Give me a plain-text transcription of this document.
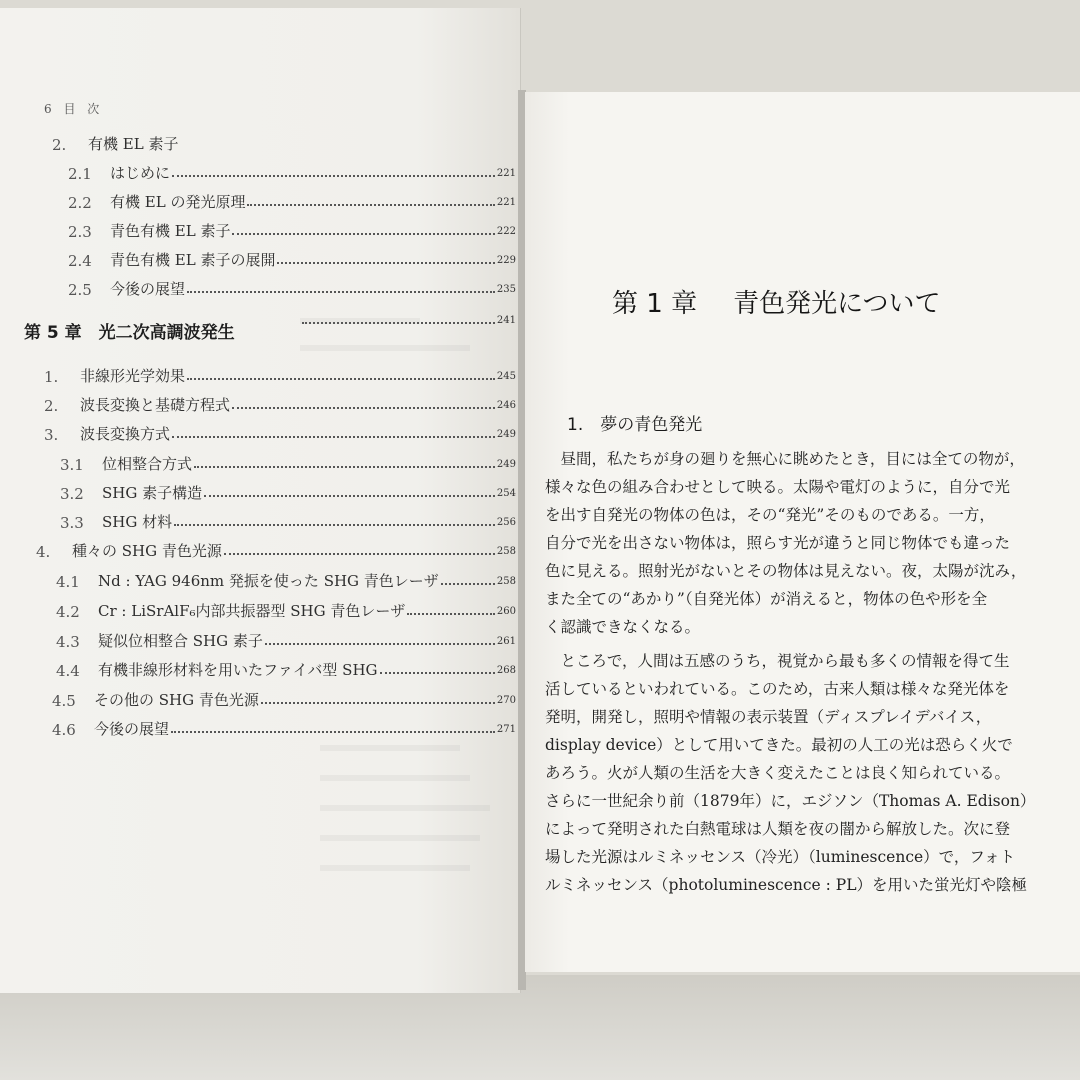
6 目 次
2.	有機 EL 素子
2.1	はじめに	221
2.2	有機 EL の発光原理	221
2.3	青色有機 EL 素子	222
2.4	青色有機 EL 素子の展開	229
2.5	今後の展望	235
241
第 5 章　光二次高調波発生
1.	非線形光学効果	245
2.	波長変換と基礎方程式	246
3.	波長変換方式	249
3.1	位相整合方式	249
3.2	SHG 素子構造	254
3.3	SHG 材料	256
4.	種々の SHG 青色光源	258
4.1	Nd : YAG 946nm 発振を使った SHG 青色レーザ	258
4.2	Cr : LiSrAlF₆内部共振器型 SHG 青色レーザ	260
4.3	疑似位相整合 SHG 素子	261
4.4	有機非線形材料を用いたファイバ型 SHG	268
4.5	その他の SHG 青色光源	270
4.6	今後の展望	271
第 1 章 青色発光について
1.　夢の青色発光
　昼間，私たちが身の廻りを無心に眺めたとき，目には全ての物が，
様々な色の組み合わせとして映る。太陽や電灯のように，自分で光
を出す自発光の物体の色は，その“発光”そのものである。一方，
自分で光を出さない物体は，照らす光が違うと同じ物体でも違った
色に見える。照射光がないとその物体は見えない。夜，太陽が沈み，
また全ての“あかり”（自発光体）が消えると，物体の色や形を全
く認識できなくなる。
　ところで，人間は五感のうち，視覚から最も多くの情報を得て生
活しているといわれている。このため，古来人類は様々な発光体を
発明，開発し，照明や情報の表示装置（ディスプレイデバイス，
display device）として用いてきた。最初の人工の光は恐らく火で
あろう。火が人類の生活を大きく変えたことは良く知られている。
さらに一世紀余り前（1879年）に，エジソン（Thomas A. Edison）
によって発明された白熱電球は人類を夜の闇から解放した。次に登
場した光源はルミネッセンス（冷光）（luminescence）で，フォト
ルミネッセンス（photoluminescence : PL）を用いた蛍光灯や陰極
